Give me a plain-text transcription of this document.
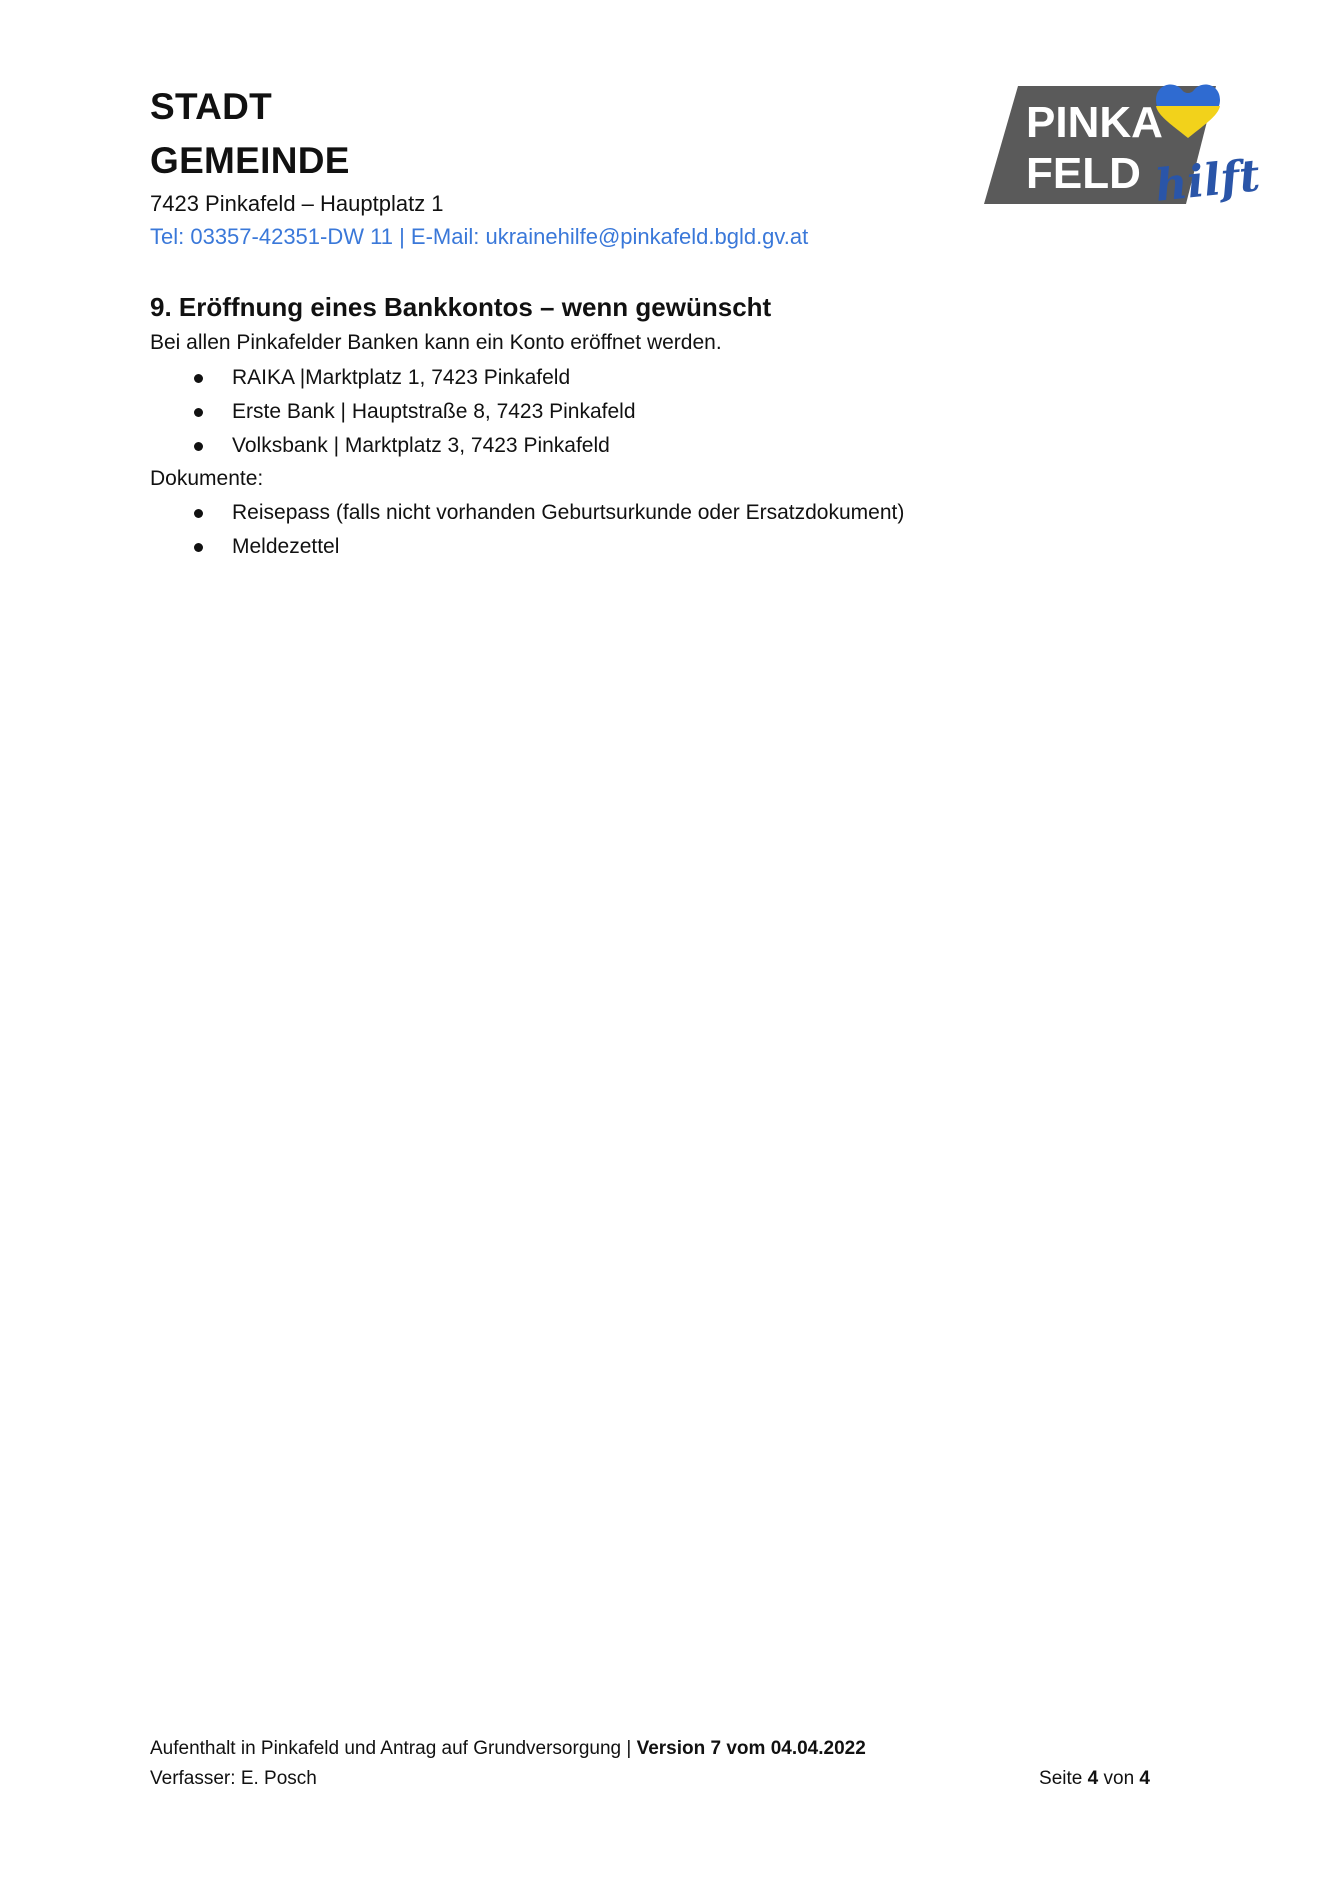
STADT
GEMEINDE
7423 Pinkafeld – Hauptplatz 1
Tel: 03357-42351-DW 11 | E-Mail: ukrainehilfe@pinkafeld.bgld.gv.at
PINKA
FELD hilft
9. Eröffnung eines Bankkontos – wenn gewünscht
Bei allen Pinkafelder Banken kann ein Konto eröffnet werden.
RAIKA |Marktplatz 1, 7423 Pinkafeld
Erste Bank | Hauptstraße 8, 7423 Pinkafeld
Volksbank | Marktplatz 3, 7423 Pinkafeld
Dokumente:
Reisepass (falls nicht vorhanden Geburtsurkunde oder Ersatzdokument)
Meldezettel
Aufenthalt in Pinkafeld und Antrag auf Grundversorgung | Version 7 vom 04.04.2022
Verfasser: E. Posch	Seite 4 von 4
